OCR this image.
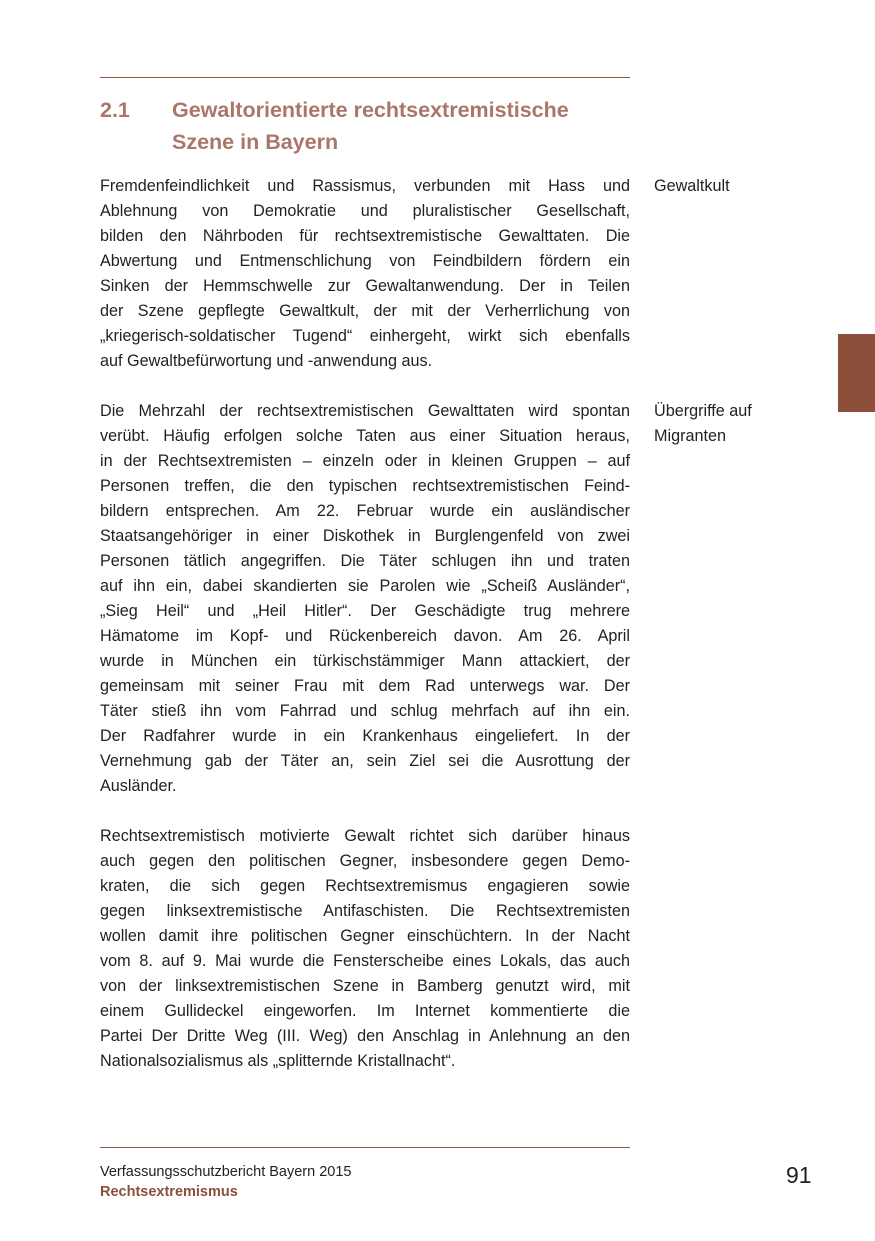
2.1 Gewaltorientierte rechtsextremistische
Szene in Bayern
Fremdenfeindlichkeit und Rassismus, verbunden mit Hass und
Ablehnung von Demokratie und pluralistischer Gesellschaft,
bilden den Nährboden für rechtsextremistische Gewalttaten. Die
Abwertung und Entmenschlichung von Feindbildern fördern ein
Sinken der Hemmschwelle zur Gewaltanwendung. Der in Teilen
der Szene gepflegte Gewaltkult, der mit der Verherrlichung von
„kriegerisch-soldatischer Tugend“ einhergeht, wirkt sich ebenfalls
auf Gewaltbefürwortung und -anwendung aus.
Gewaltkult
Die Mehrzahl der rechtsextremistischen Gewalttaten wird spontan
verübt. Häufig erfolgen solche Taten aus einer Situation heraus,
in der Rechtsextremisten – einzeln oder in kleinen Gruppen – auf
Personen treffen, die den typischen rechtsextremistischen Feind-
bildern entsprechen. Am 22. Februar wurde ein ausländischer
Staatsangehöriger in einer Diskothek in Burglengenfeld von zwei
Personen tätlich angegriffen. Die Täter schlugen ihn und traten
auf ihn ein, dabei skandierten sie Parolen wie „Scheiß Ausländer“,
„Sieg Heil“ und „Heil Hitler“. Der Geschädigte trug mehrere
Hämatome im Kopf- und Rückenbereich davon. Am 26. April
wurde in München ein türkischstämmiger Mann attackiert, der
gemeinsam mit seiner Frau mit dem Rad unterwegs war. Der
Täter stieß ihn vom Fahrrad und schlug mehrfach auf ihn ein.
Der Radfahrer wurde in ein Krankenhaus eingeliefert. In der
Vernehmung gab der Täter an, sein Ziel sei die Ausrottung der
Ausländer.
Übergriffe auf
Migranten
Rechtsextremistisch motivierte Gewalt richtet sich darüber hinaus
auch gegen den politischen Gegner, insbesondere gegen Demo-
kraten, die sich gegen Rechtsextremismus engagieren sowie
gegen linksextremistische Antifaschisten. Die Rechtsextremisten
wollen damit ihre politischen Gegner einschüchtern. In der Nacht
vom 8. auf 9. Mai wurde die Fensterscheibe eines Lokals, das auch
von der linksextremistischen Szene in Bamberg genutzt wird, mit
einem Gullideckel eingeworfen. Im Internet kommentierte die
Partei Der Dritte Weg (III. Weg) den Anschlag in Anlehnung an den
Nationalsozialismus als „splitternde Kristallnacht“.
Verfassungsschutzbericht Bayern 2015
Rechtsextremismus
91
